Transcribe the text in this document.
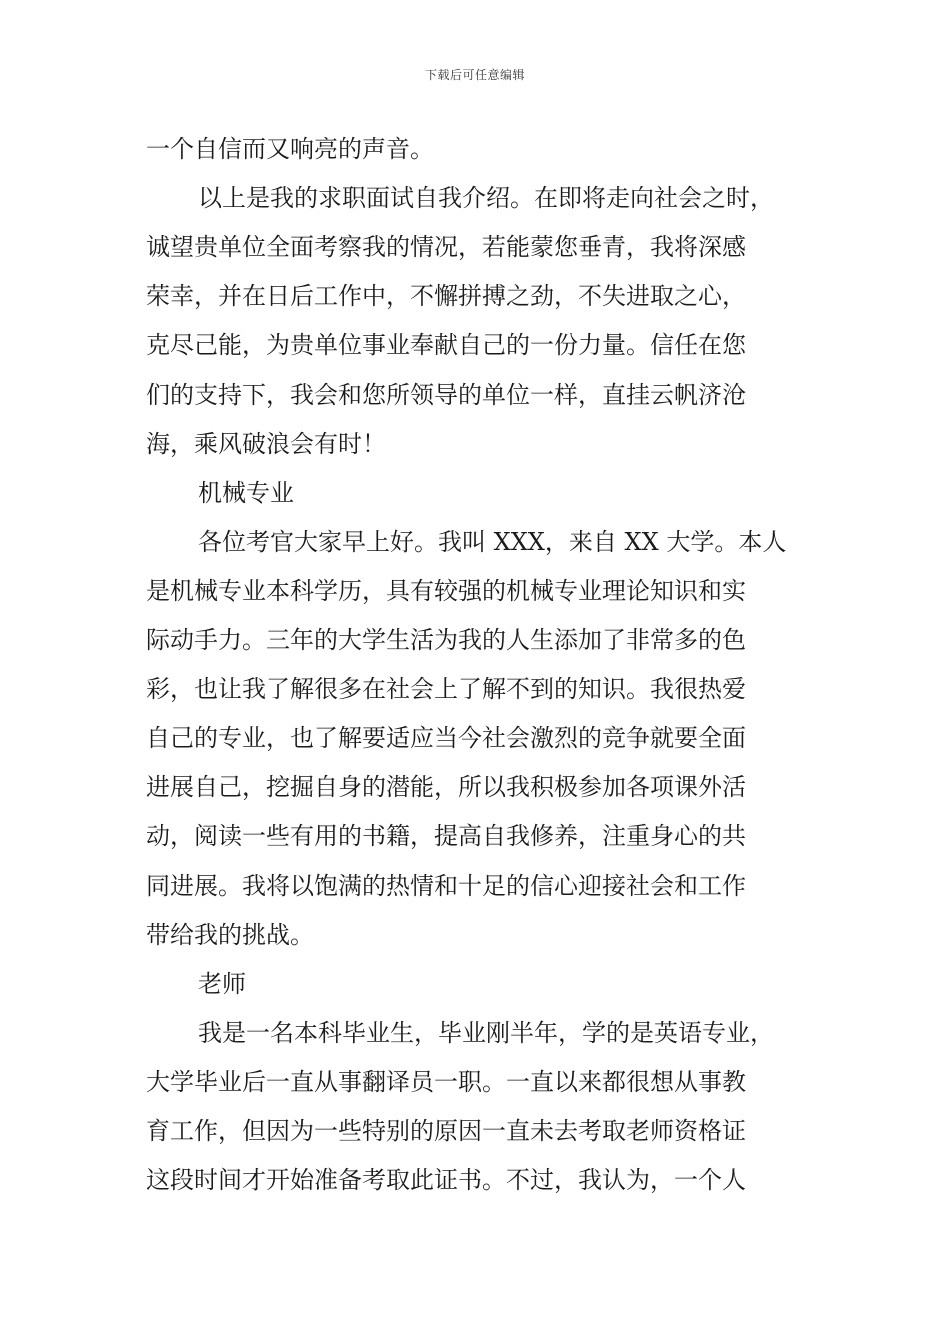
下载后可任意编辑
一个自信而又响亮的声音。
以上是我的求职面试自我介绍。在即将走向社会之时，
诚望贵单位全面考察我的情况，若能蒙您垂青，我将深感
荣幸，并在日后工作中，不懈拼搏之劲，不失进取之心，
克尽己能，为贵单位事业奉献自己的一份力量。信任在您
们的支持下，我会和您所领导的单位一样，直挂云帆济沧
海，乘风破浪会有时！
机械专业
各位考官大家早上好。我叫 XXX，来自 XX 大学。本人
是机械专业本科学历，具有较强的机械专业理论知识和实
际动手力。三年的大学生活为我的人生添加了非常多的色
彩，也让我了解很多在社会上了解不到的知识。我很热爱
自己的专业，也了解要适应当今社会激烈的竞争就要全面
进展自己，挖掘自身的潜能，所以我积极参加各项课外活
动，阅读一些有用的书籍，提高自我修养，注重身心的共
同进展。我将以饱满的热情和十足的信心迎接社会和工作
带给我的挑战。
老师
我是一名本科毕业生，毕业刚半年，学的是英语专业，
大学毕业后一直从事翻译员一职。一直以来都很想从事教
育工作，但因为一些特别的原因一直未去考取老师资格证
这段时间才开始准备考取此证书。不过，我认为，一个人
